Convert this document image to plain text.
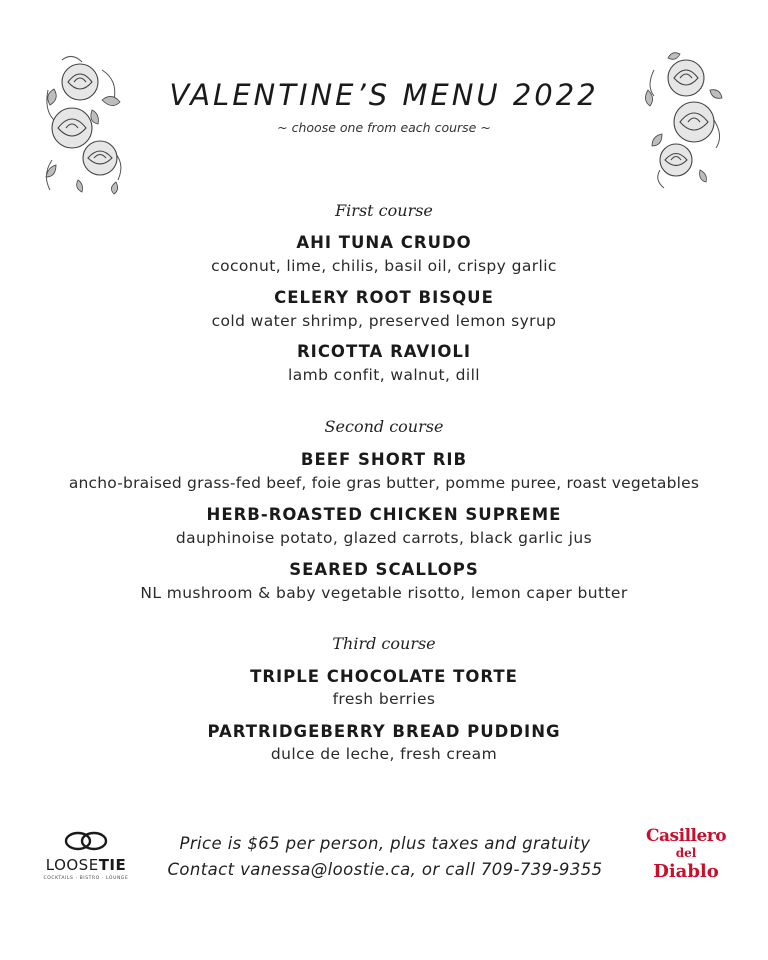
VALENTINE’S MENU 2022
~ choose one from each course ~
First course
AHI TUNA CRUDO
coconut, lime, chilis, basil oil, crispy garlic
CELERY ROOT BISQUE
cold water shrimp, preserved lemon syrup
RICOTTA RAVIOLI
lamb confit, walnut, dill
Second course
BEEF SHORT RIB
ancho-braised grass-fed beef, foie gras butter, pomme puree, roast vegetables
HERB-ROASTED CHICKEN SUPREME
dauphinoise potato, glazed carrots, black garlic jus
SEARED SCALLOPS
NL mushroom & baby vegetable risotto, lemon caper butter
Third course
TRIPLE CHOCOLATE TORTE
fresh berries
PARTRIDGEBERRY BREAD PUDDING
dulce de leche, fresh cream
Price is $65 per person, plus taxes and gratuity
Contact vanessa@loostie.ca, or call 709-739-9355
LOOSETIE
COCKTAILS · BISTRO · LOUNGE
Casillero
del
Diablo
